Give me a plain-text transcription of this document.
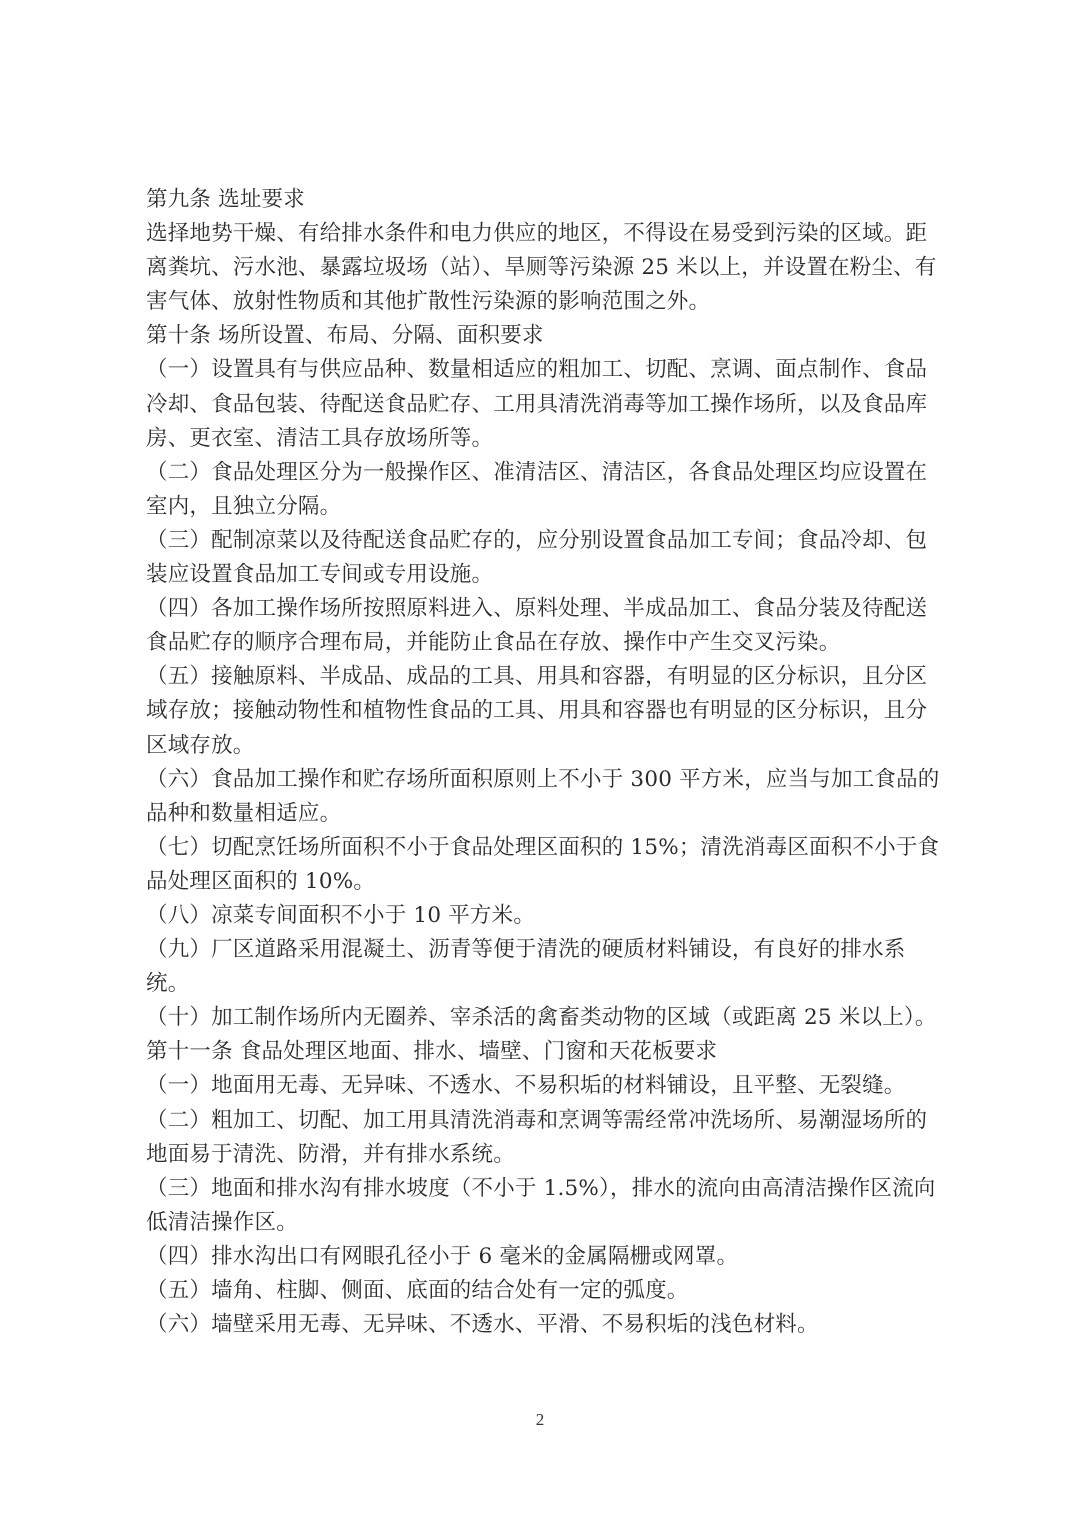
第九条 选址要求
选择地势干燥、有给排水条件和电力供应的地区，不得设在易受到污染的区域。距
离粪坑、污水池、暴露垃圾场（站）、旱厕等污染源 25 米以上，并设置在粉尘、有
害气体、放射性物质和其他扩散性污染源的影响范围之外。
第十条 场所设置、布局、分隔、面积要求
（一）设置具有与供应品种、数量相适应的粗加工、切配、烹调、面点制作、食品
冷却、食品包装、待配送食品贮存、工用具清洗消毒等加工操作场所，以及食品库
房、更衣室、清洁工具存放场所等。
（二）食品处理区分为一般操作区、准清洁区、清洁区，各食品处理区均应设置在
室内，且独立分隔。
（三）配制凉菜以及待配送食品贮存的，应分别设置食品加工专间；食品冷却、包
装应设置食品加工专间或专用设施。
（四）各加工操作场所按照原料进入、原料处理、半成品加工、食品分装及待配送
食品贮存的顺序合理布局，并能防止食品在存放、操作中产生交叉污染。
（五）接触原料、半成品、成品的工具、用具和容器，有明显的区分标识，且分区
域存放；接触动物性和植物性食品的工具、用具和容器也有明显的区分标识，且分
区域存放。
（六）食品加工操作和贮存场所面积原则上不小于 300 平方米，应当与加工食品的
品种和数量相适应。
（七）切配烹饪场所面积不小于食品处理区面积的 15%；清洗消毒区面积不小于食
品处理区面积的 10%。
（八）凉菜专间面积不小于 10 平方米。
（九）厂区道路采用混凝土、沥青等便于清洗的硬质材料铺设，有良好的排水系
统。
（十）加工制作场所内无圈养、宰杀活的禽畜类动物的区域（或距离 25 米以上）。
第十一条 食品处理区地面、排水、墙壁、门窗和天花板要求
（一）地面用无毒、无异味、不透水、不易积垢的材料铺设，且平整、无裂缝。
（二）粗加工、切配、加工用具清洗消毒和烹调等需经常冲洗场所、易潮湿场所的
地面易于清洗、防滑，并有排水系统。
（三）地面和排水沟有排水坡度（不小于 1.5%），排水的流向由高清洁操作区流向
低清洁操作区。
（四）排水沟出口有网眼孔径小于 6 毫米的金属隔栅或网罩。
（五）墙角、柱脚、侧面、底面的结合处有一定的弧度。
（六）墙壁采用无毒、无异味、不透水、平滑、不易积垢的浅色材料。
2
